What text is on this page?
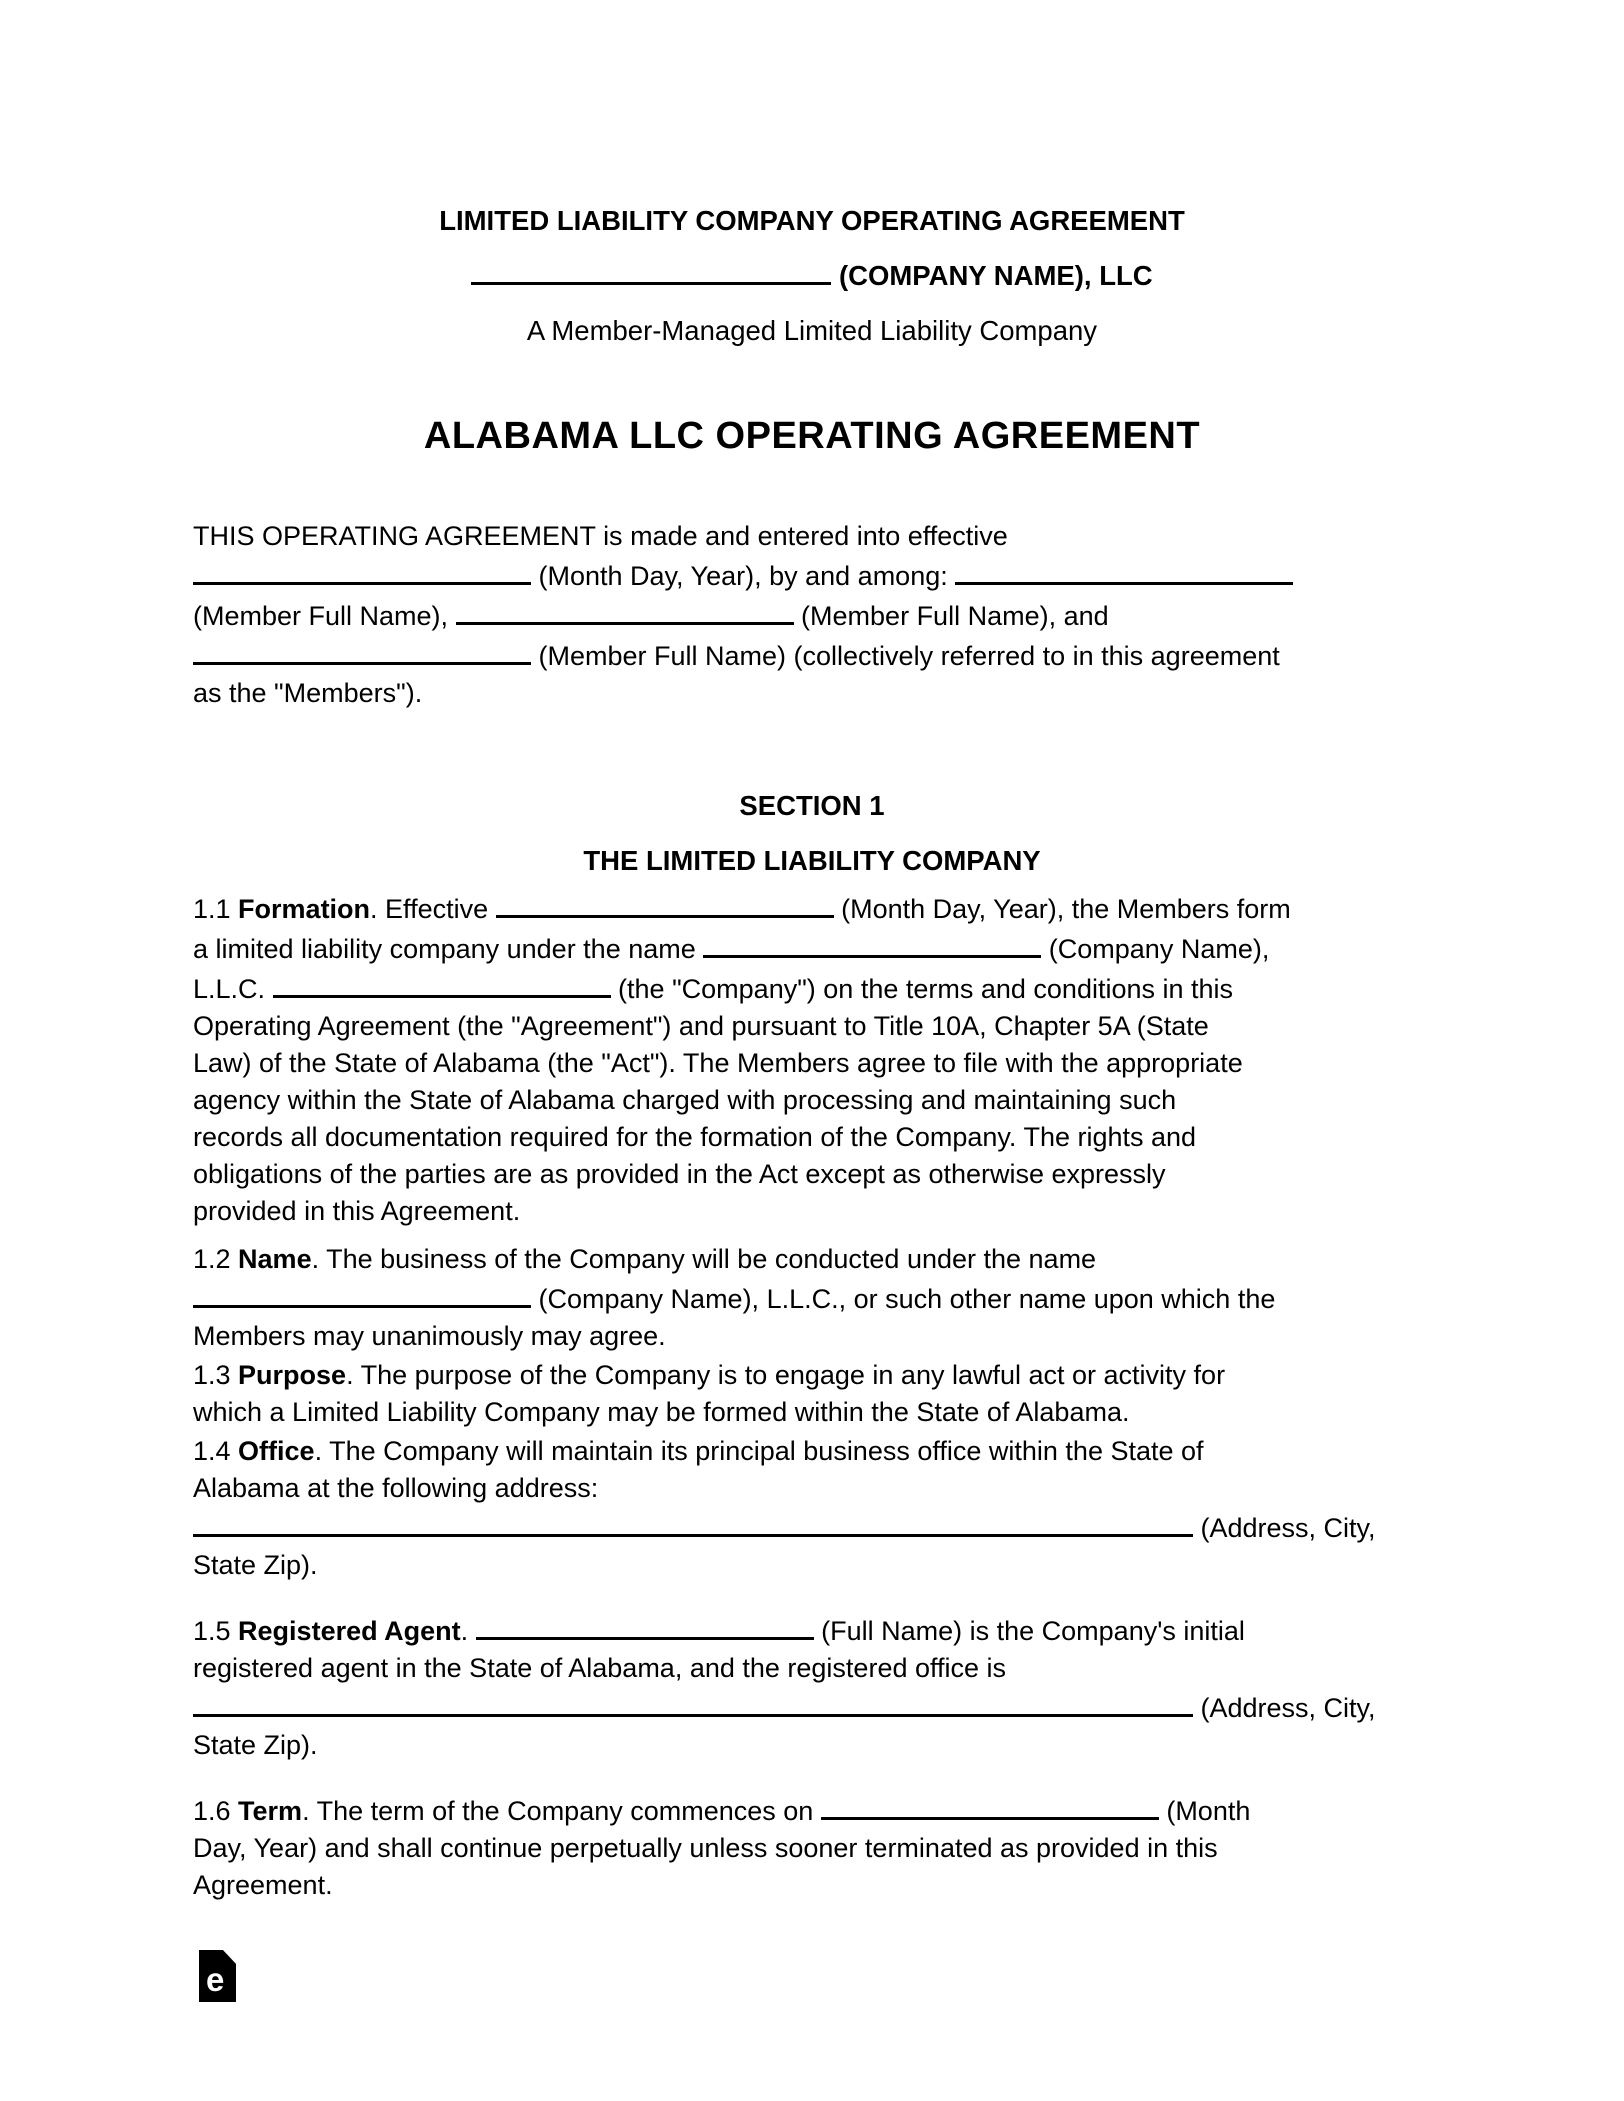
LIMITED LIABILITY COMPANY OPERATING AGREEMENT

(COMPANY NAME), LLC

A Member-Managed Limited Liability Company

ALABAMA LLC OPERATING AGREEMENT
THIS OPERATING AGREEMENT is made and entered into effective
(Month Day, Year), by and among:
(Member Full Name),	(Member Full Name), and
(Member Full Name) (collectively referred to in this agreement
as the "Members").

SECTION 1

THE LIMITED LIABILITY COMPANY

1.1 Formation. Effective	(Month Day, Year), the Members form
a limited liability company under the name	(Company Name),
L.L.C.	(the "Company") on the terms and conditions in this
Operating Agreement (the "Agreement") and pursuant to Title 10A, Chapter 5A (State
Law) of the State of Alabama (the "Act"). The Members agree to file with the appropriate
agency within the State of Alabama charged with processing and maintaining such
records all documentation required for the formation of the Company. The rights and
obligations of the parties are as provided in the Act except as otherwise expressly
provided in this Agreement.
1.2 Name. The business of the Company will be conducted under the name
(Company Name), L.L.C., or such other name upon which the
Members may unanimously may agree.
1.3 Purpose. The purpose of the Company is to engage in any lawful act or activity for
which a Limited Liability Company may be formed within the State of Alabama.
1.4 Office. The Company will maintain its principal business office within the State of
Alabama at the following address:
(Address, City,
State Zip).
1.5 Registered Agent.	(Full Name) is the Company's initial
registered agent in the State of Alabama, and the registered office is
(Address, City,
State Zip).
1.6 Term. The term of the Company commences on	(Month
Day, Year) and shall continue perpetually unless sooner terminated as provided in this
Agreement.
e
